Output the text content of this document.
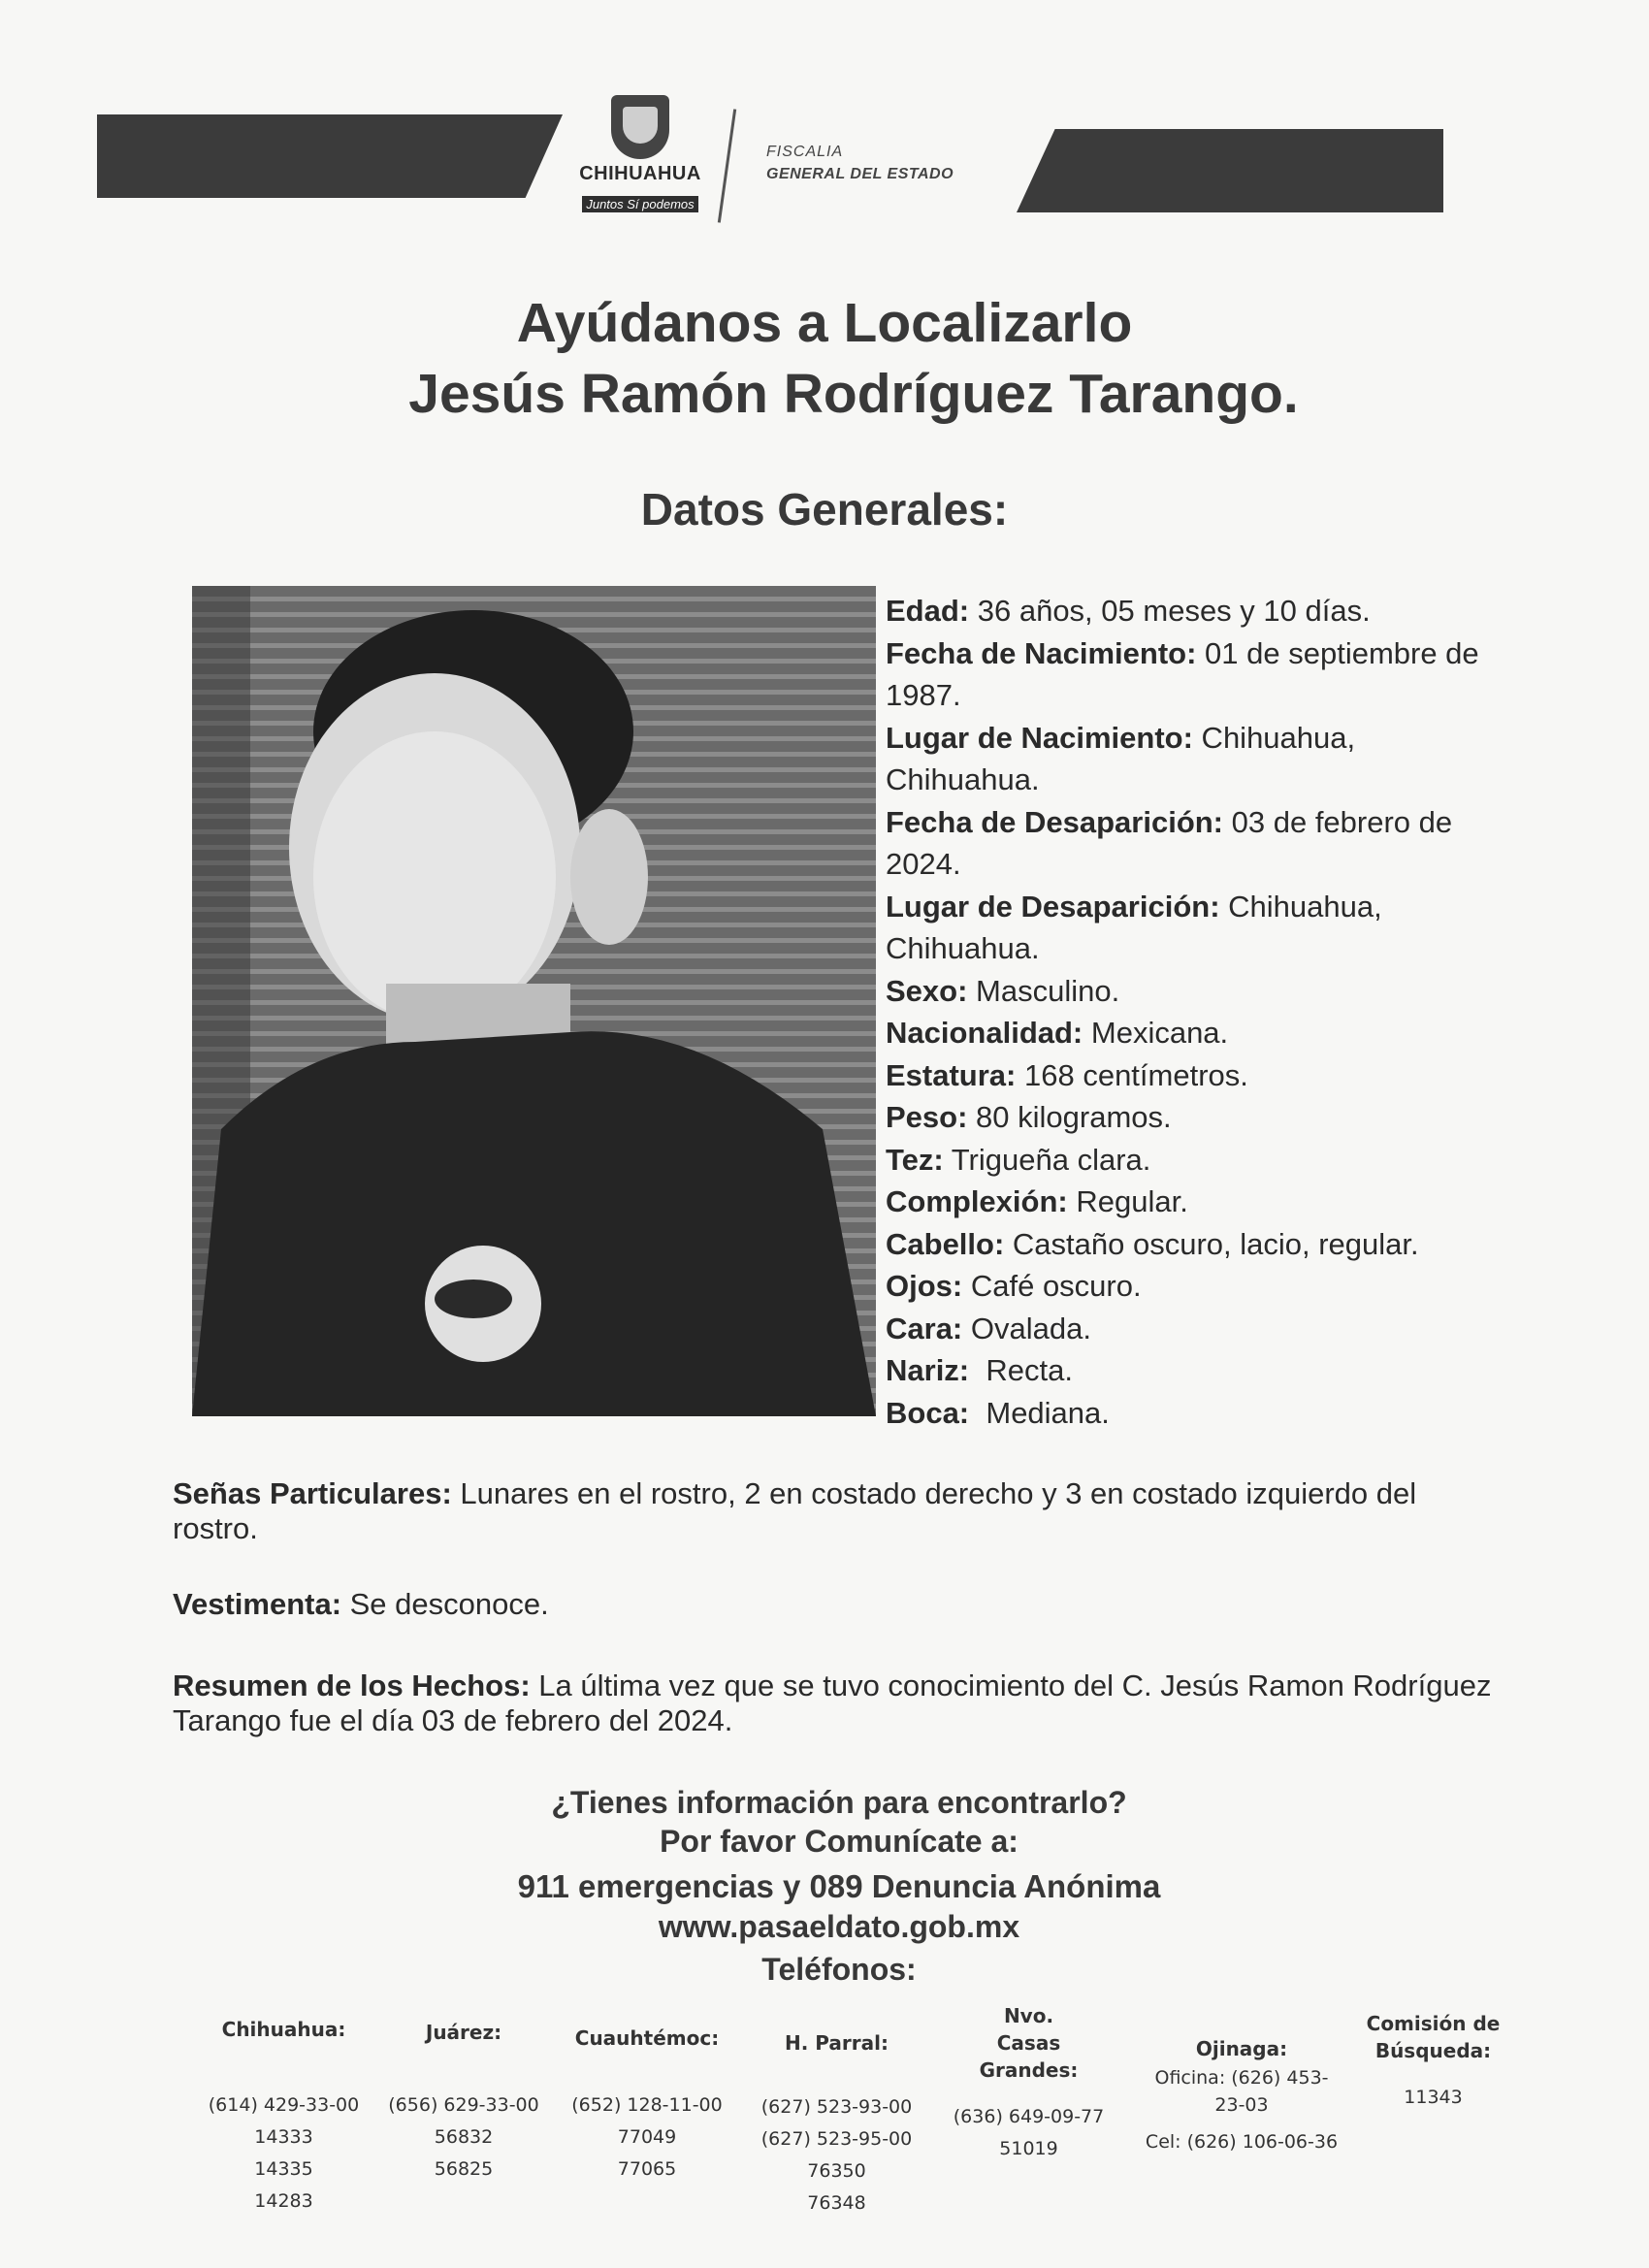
CHIHUAHUA

Juntos Sí podemos
FISCALIA
GENERAL DEL ESTADO
Ayúdanos a Localizarlo
Jesús Ramón Rodríguez Tarango.
Datos Generales:

Edad: 36 años, 05 meses y 10 días.

Fecha de Nacimiento: 01 de septiembre de 1987.

Lugar de Nacimiento: Chihuahua, Chihuahua.

Fecha de Desaparición: 03 de febrero de 2024.

Lugar de Desaparición: Chihuahua, Chihuahua.

Sexo: Masculino.

Nacionalidad: Mexicana.

Estatura: 168 centímetros.

Peso: 80 kilogramos.

Tez: Trigueña clara.

Complexión: Regular.

Cabello: Castaño oscuro, lacio, regular.

Ojos: Café oscuro.

Cara: Ovalada.

Nariz:  Recta.

Boca:  Mediana.

Señas Particulares: Lunares en el rostro, 2 en costado derecho y 3 en costado izquierdo del rostro.
Vestimenta: Se desconoce.
Resumen de los Hechos: La última vez que se tuvo conocimiento del C. Jesús Ramon Rodríguez Tarango fue el día 03 de febrero del 2024.
¿Tienes información para encontrarlo?
Por favor Comunícate a:
911 emergencias y 089 Denuncia Anónima
www.pasaeldato.gob.mx
Teléfonos:
Chihuahua:
(614) 429-33-00
14333
14335
14283
Juárez:
(656) 629-33-00
56832
56825
Cuauhtémoc:
(652) 128-11-00
77049
77065
H. Parral:
(627) 523-93-00
(627) 523-95-00
76350
76348
Nvo. Casas Grandes:
(636) 649-09-77
51019
Ojinaga:
Oficina: (626) 453-23-03
Cel: (626) 106-06-36
Comisión de Búsqueda:
11343
